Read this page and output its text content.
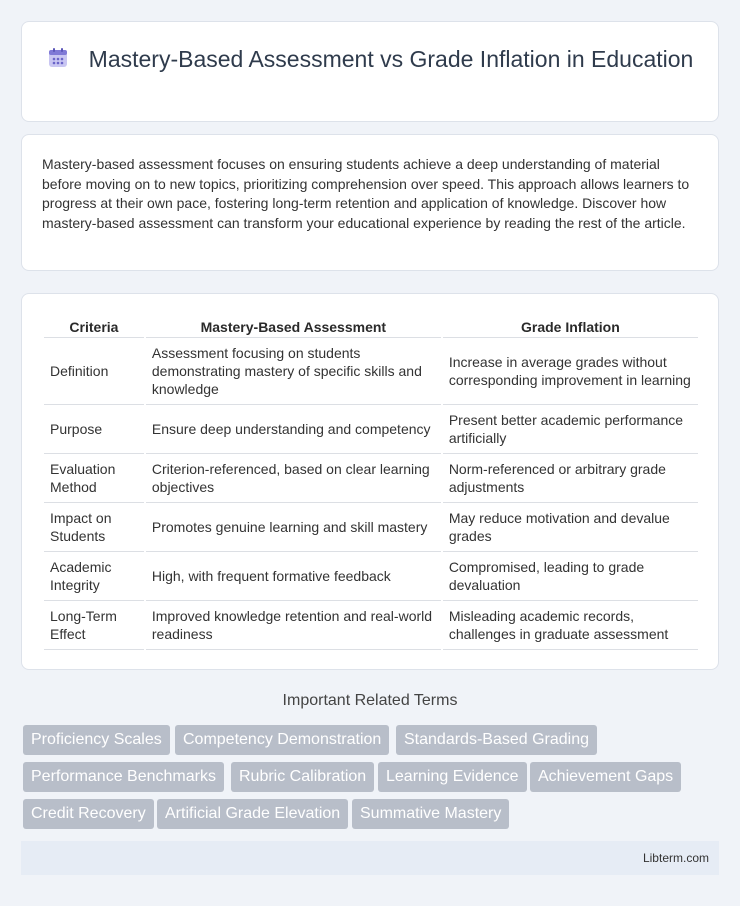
Mastery-Based Assessment vs Grade Inflation in Education

Mastery-based assessment focuses on ensuring students achieve a deep understanding of material before moving on to new topics, prioritizing comprehension over speed. This approach allows learners to progress at their own pace, fostering long-term retention and application of knowledge. Discover how mastery-based assessment can transform your educational experience by reading the rest of the article.

Criteria	Mastery-Based Assessment	Grade Inflation
Definition	Assessment focusing on students demonstrating mastery of specific skills and knowledge	Increase in average grades without corresponding improvement in learning
Purpose	Ensure deep understanding and competency	Present better academic performance artificially
Evaluation Method	Criterion-referenced, based on clear learning objectives	Norm-referenced or arbitrary grade adjustments
Impact on Students	Promotes genuine learning and skill mastery	May reduce motivation and devalue grades
Academic Integrity	High, with frequent formative feedback	Compromised, leading to grade devaluation
Long-Term Effect	Improved knowledge retention and real-world readiness	Misleading academic records, challenges in graduate assessment
Important Related Terms
Proficiency Scales	Competency Demonstration	Standards-Based Grading
Performance Benchmarks	Rubric Calibration	Learning Evidence	Achievement Gaps
Credit Recovery	Artificial Grade Elevation	Summative Mastery
Libterm.com
